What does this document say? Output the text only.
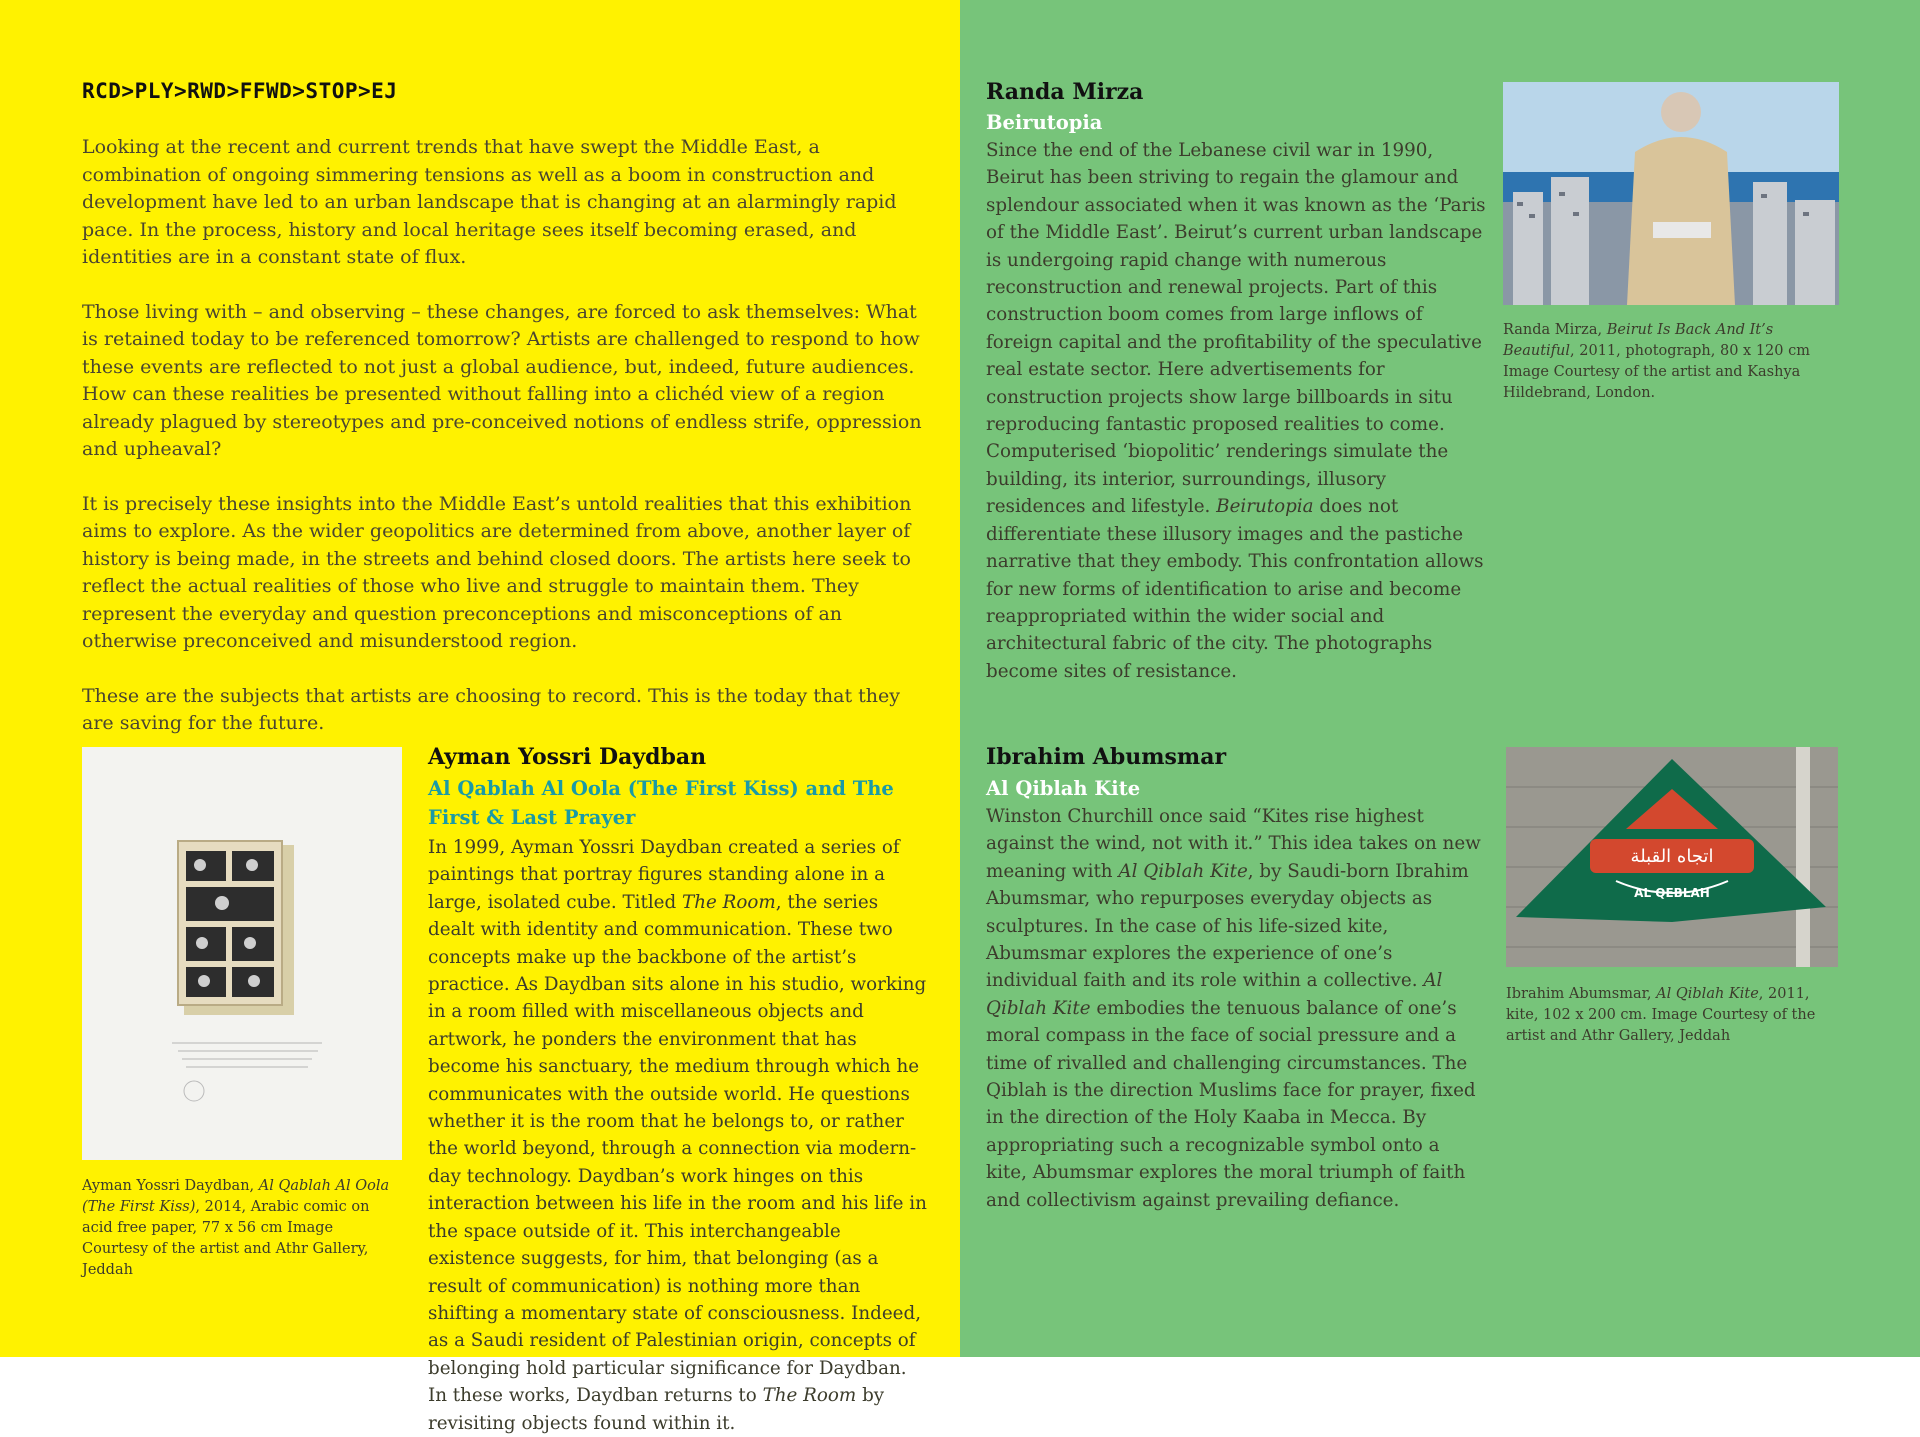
RCD>PLY>RWD>FFWD>STOP>EJ

Looking at the recent and current trends that have swept the Middle East, a combination of ongoing simmering tensions as well as a boom in construction and development have led to an urban landscape that is changing at an alarmingly rapid pace. In the process, history and local heritage sees itself becoming erased, and identities are in a constant state of flux.

Those living with – and observing – these changes, are forced to ask themselves: What is retained today to be referenced tomorrow? Artists are challenged to respond to how these events are reflected to not just a global audience, but, indeed, future audiences. How can these realities be presented without falling into a clichéd view of a region already plagued by stereotypes and pre-conceived notions of endless strife, oppression and upheaval?

It is precisely these insights into the Middle East’s untold realities that this exhibition aims to explore. As the wider geopolitics are determined from above, another layer of history is being made, in the streets and behind closed doors. The artists here seek to reflect the actual realities of those who live and struggle to maintain them. They represent the everyday and question preconceptions and misconceptions of an otherwise preconceived and misunderstood region.

These are the subjects that artists are choosing to record. This is the today that they are saving for the future.

Ayman Yossri Daydban, Al Qablah Al Oola (The First Kiss), 2014, Arabic comic on acid free paper, 77 x 56 cm Image Courtesy of the artist and Athr Gallery, Jeddah
Ayman Yossri Daydban
Al Qablah Al Oola (The First Kiss) and The First & Last Prayer
In 1999, Ayman Yossri Daydban created a series of paintings that portray figures standing alone in a large, isolated cube. Titled The Room, the series dealt with identity and communication. These two concepts make up the backbone of the artist’s practice. As Daydban sits alone in his studio, working in a room filled with miscellaneous objects and artwork, he ponders the environment that has become his sanctuary, the medium through which he communicates with the outside world. He questions whether it is the room that he belongs to, or rather the world beyond, through a connection via modern-day technology. Daydban’s work hinges on this interaction between his life in the room and his life in the space outside of it. This interchangeable existence suggests, for him, that belonging (as a result of communication) is nothing more than shifting a momentary state of consciousness. Indeed, as a Saudi resident of Palestinian origin, concepts of belonging hold particular significance for Daydban. In these works, Daydban returns to The Room by revisiting objects found within it.
Randa Mirza
Beirutopia
Since the end of the Lebanese civil war in 1990, Beirut has been striving to regain the glamour and splendour associated when it was known as the ‘Paris of the Middle East’. Beirut’s current urban landscape is undergoing rapid change with numerous reconstruction and renewal projects. Part of this construction boom comes from large inflows of foreign capital and the profitability of the speculative real estate sector. Here advertisements for construction projects show large billboards in situ reproducing fantastic proposed realities to come. Computerised ‘biopolitic’ renderings simulate the building, its interior, surroundings, illusory residences and lifestyle. Beirutopia does not differentiate these illusory images and the pastiche narrative that they embody. This confrontation allows for new forms of identification to arise and become reappropriated within the wider social and architectural fabric of the city. The photographs become sites of resistance.
Randa Mirza, Beirut Is Back And It’s Beautiful, 2011, photograph, 80 x 120 cm Image Courtesy of the artist and Kashya Hildebrand, London.
Ibrahim Abumsmar
Al Qiblah Kite
Winston Churchill once said “Kites rise highest against the wind, not with it.” This idea takes on new meaning with Al Qiblah Kite, by Saudi-born Ibrahim Abumsmar, who repurposes everyday objects as sculptures. In the case of his life-sized kite, Abumsmar explores the experience of one’s individual faith and its role within a collective. Al Qiblah Kite embodies the tenuous balance of one’s moral compass in the face of social pressure and a time of rivalled and challenging circumstances. The Qiblah is the direction Muslims face for prayer, fixed in the direction of the Holy Kaaba in Mecca. By appropriating such a recognizable symbol onto a kite, Abumsmar explores the moral triumph of faith and collectivism against prevailing defiance.
اتجاه القبلة
AL QEBLAH
Ibrahim Abumsmar, Al Qiblah Kite, 2011, kite, 102 x 200 cm. Image Courtesy of the artist and Athr Gallery, Jeddah
